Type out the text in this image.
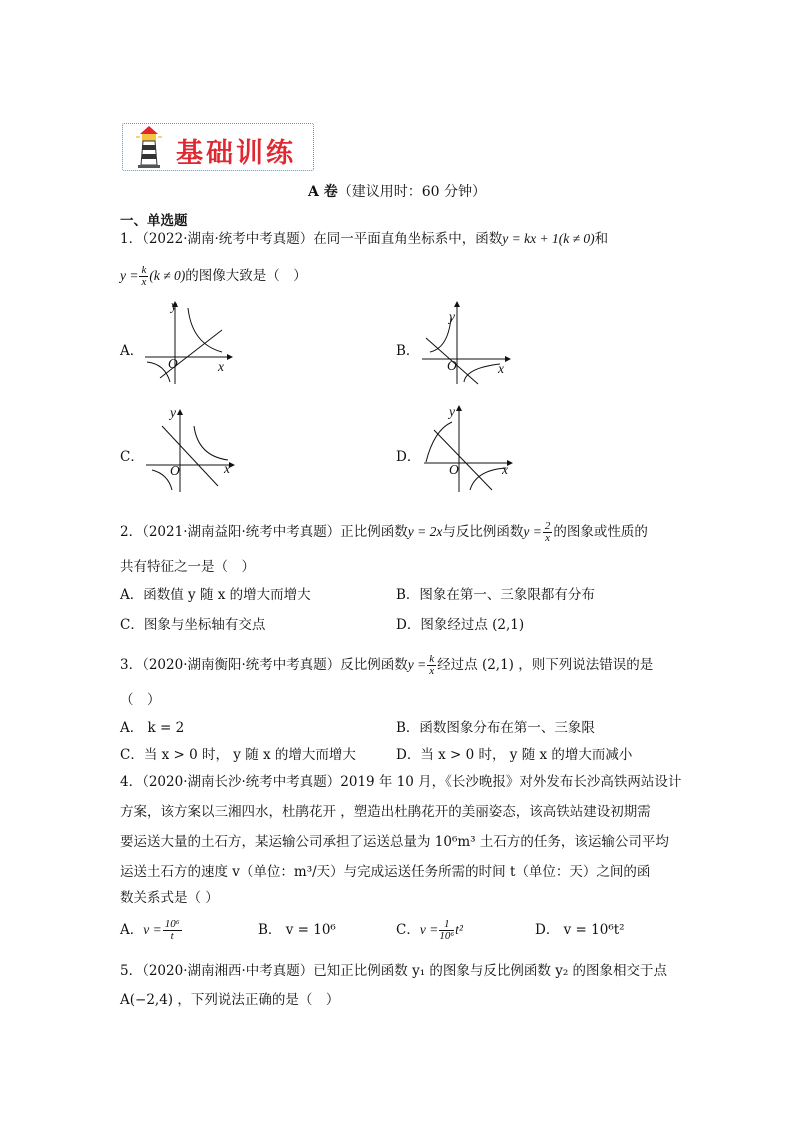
基础训练
A 卷（建议用时：60 分钟）
一、单选题
1．（2022·湖南·统考中考真题）在同一平面直角坐标系中，函数y = kx + 1(k ≠ 0)和
$y = \frac{k}{x} (k \ne 0)$的图像大致是（　）
A．	B．
C．	D．
y
x
O
y
x
O
y
x
O
y
x
O
2．（2021·湖南益阳·统考中考真题）正比例函数y = 2x与反比例函数$y = \frac{2}{x}$ 的图象或性质的
共有特征之一是（　）
A．函数值 y 随 x 的增大而增大	B．图象在第一、三象限都有分布
C．图象与坐标轴有交点	D．图象经过点 (2,1)
3．（2020·湖南衡阳·统考中考真题）反比例函数$y = \frac{k}{x}$ 经过点 (2,1) ，则下列说法错误的是
（　）
A． k = 2	B．函数图象分布在第一、三象限
C．当 x > 0 时， y 随 x 的增大而增大	D．当 x > 0 时， y 随 x 的增大而减小
4．（2020·湖南长沙·统考中考真题）2019 年 10 月，《长沙晚报》对外发布长沙高铁两站设计
方案，该方案以三湘四水，杜鹃花开 ，塑造出杜鹃花开的美丽姿态，该高铁站建设初期需
要运送大量的土石方，某运输公司承担了运送总量为 10⁶m³ 土石方的任务，该运输公司平均
运送土石方的速度 v（单位：m³/天）与完成运送任务所需的时间 t（单位：天）之间的函
数关系式是（ ）
A．$v = \frac{\text{10⁶}}{t}$	B． v = 10⁶	C．$v = \frac{1}{\text{10⁶}} t^2$	D． v = 10⁶t²
5．（2020·湖南湘西·中考真题）已知正比例函数 y₁ 的图象与反比例函数 y₂ 的图象相交于点
A(−2,4) ，下列说法正确的是（　）
